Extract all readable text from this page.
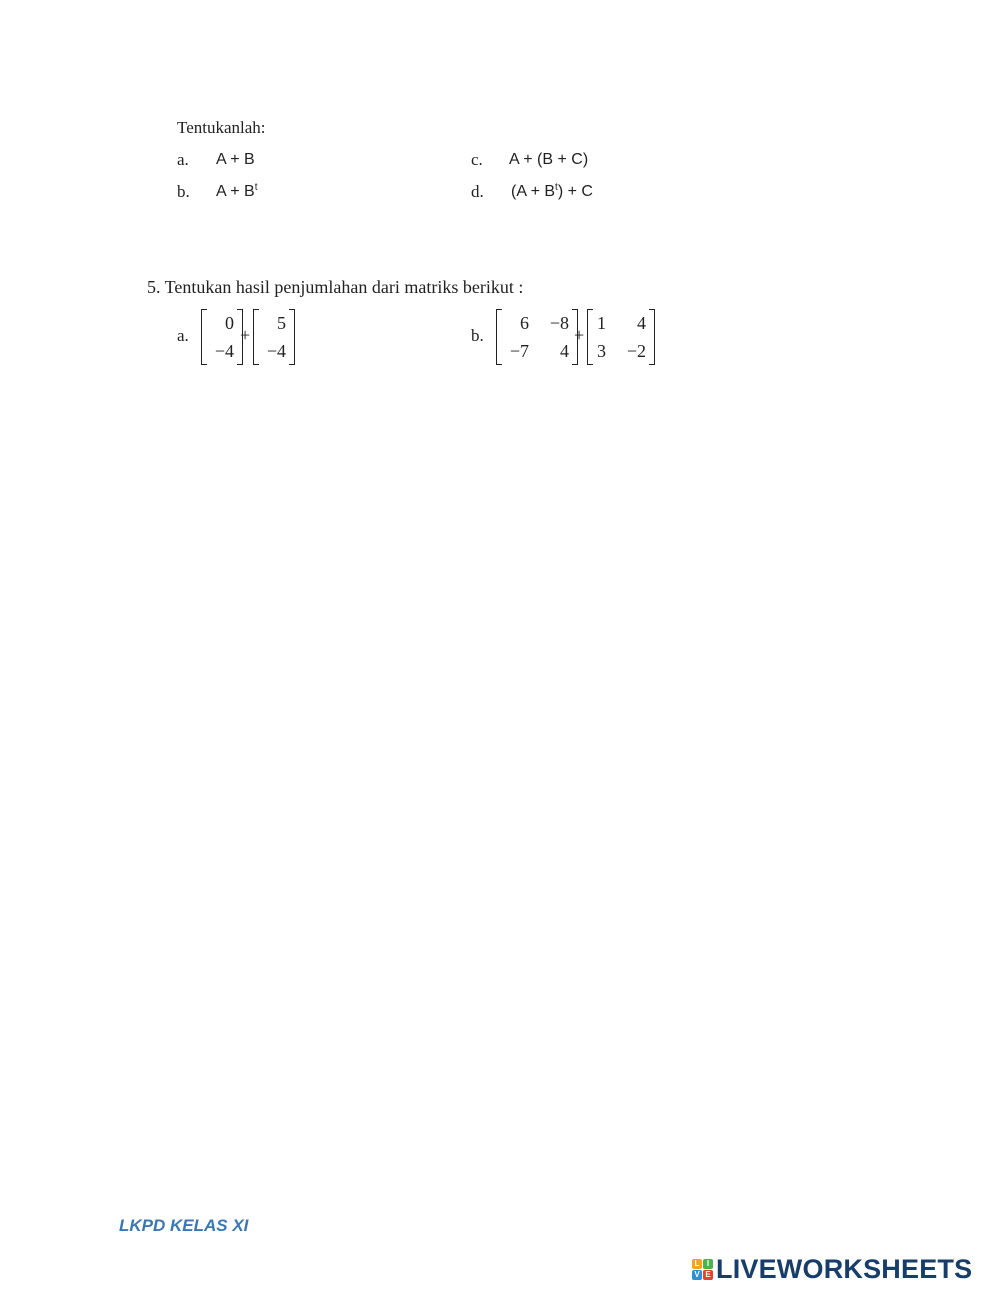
Tentukanlah:
a. A + B
b. $A + B^t$
c. A + (B + C)
d. $(A + B^t) + C$
5. Tentukan hasil penjumlahan dari matriks berikut :
a.
0
−4
+
5
−4
b.
6	−8
−7	4
+
1	4
3	−2
LKPD KELAS XI
L I
V E LIVEWORKSHEETS
